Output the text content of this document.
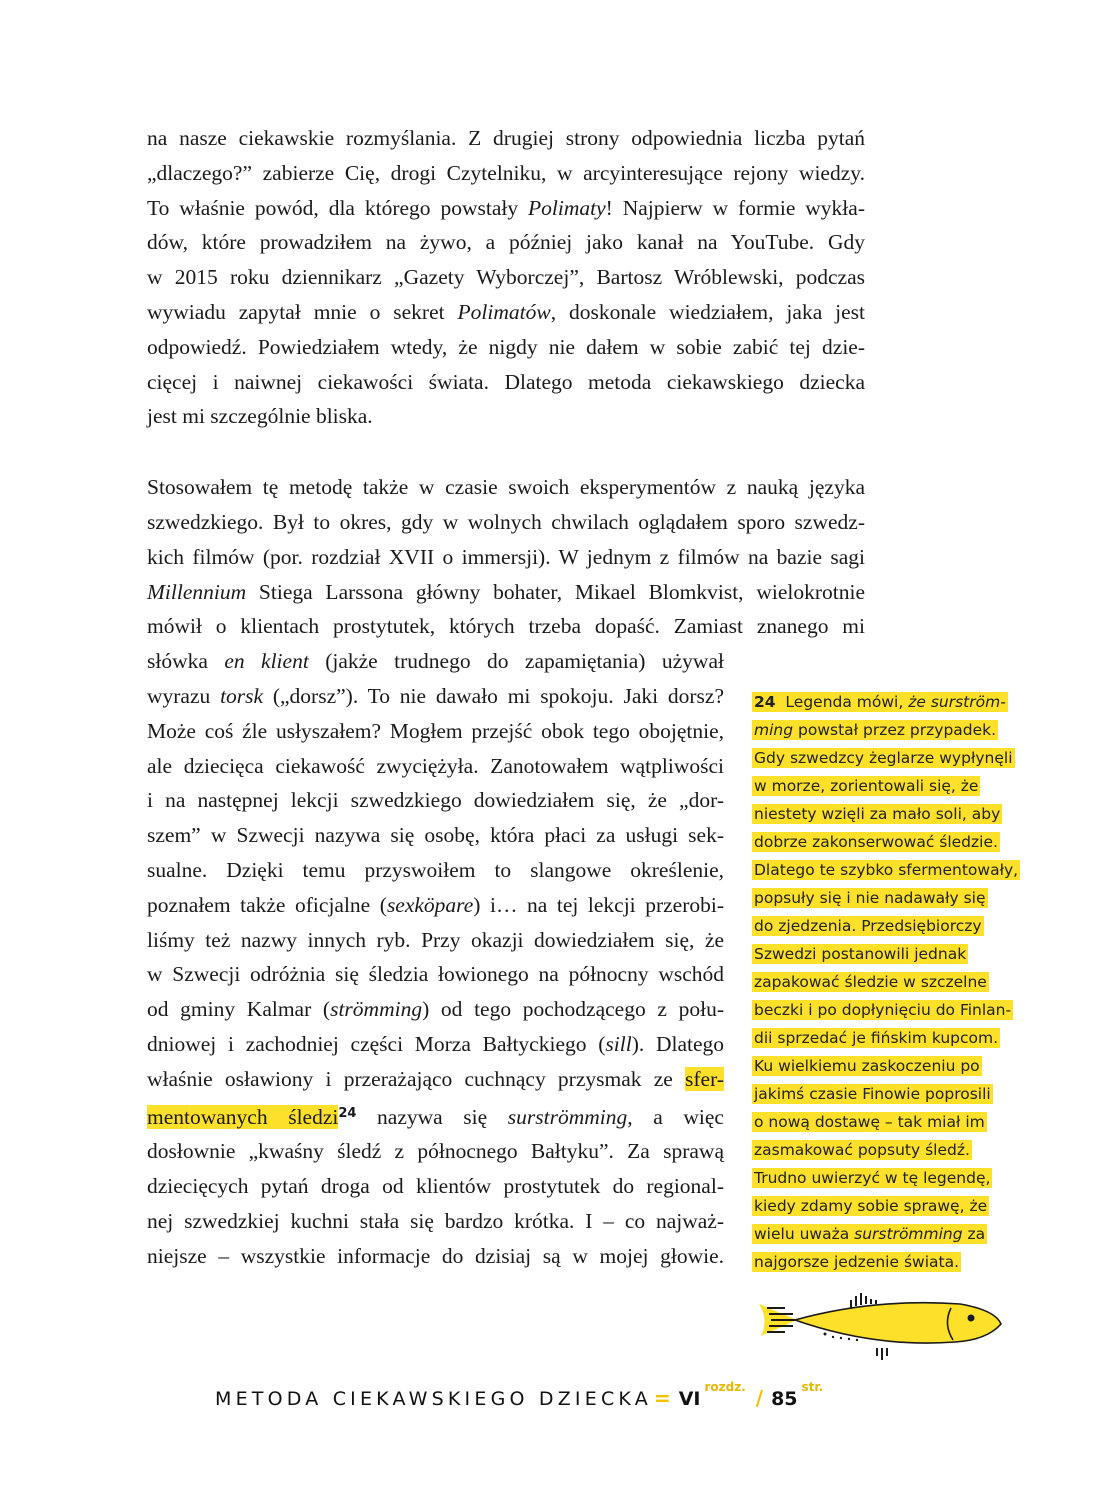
na nasze ciekawskie rozmyślania. Z drugiej strony odpowiednia liczba pytań
„dlaczego?” zabierze Cię, drogi Czytelniku, w arcyinteresujące rejony wiedzy.
To właśnie powód, dla którego powstały Polimaty! Najpierw w formie wykła-
dów, które prowadziłem na żywo, a później jako kanał na YouTube. Gdy
w 2015 roku dziennikarz „Gazety Wyborczej”, Bartosz Wróblewski, podczas
wywiadu zapytał mnie o sekret Polimatów, doskonale wiedziałem, jaka jest
odpowiedź. Powiedziałem wtedy, że nigdy nie dałem w sobie zabić tej dzie-
cięcej i naiwnej ciekawości świata. Dlatego metoda ciekawskiego dziecka
jest mi szczególnie bliska.
Stosowałem tę metodę także w czasie swoich eksperymentów z nauką języka
szwedzkiego. Był to okres, gdy w wolnych chwilach oglądałem sporo szwedz-
kich filmów (por. rozdział XVII o immersji). W jednym z filmów na bazie sagi
Millennium Stiega Larssona główny bohater, Mikael Blomkvist, wielokrotnie
mówił o klientach prostytutek, których trzeba dopaść. Zamiast znanego mi
słówka en klient (jakże trudnego do zapamiętania) używał
wyrazu torsk („dorsz”). To nie dawało mi spokoju. Jaki dorsz?
Może coś źle usłyszałem? Mogłem przejść obok tego obojętnie,
ale dziecięca ciekawość zwyciężyła. Zanotowałem wątpliwości
i na następnej lekcji szwedzkiego dowiedziałem się, że „dor-
szem” w Szwecji nazywa się osobę, która płaci za usługi sek-
sualne. Dzięki temu przyswoiłem to slangowe określenie,
poznałem także oficjalne (sexköpare) i… na tej lekcji przerobi-
liśmy też nazwy innych ryb. Przy okazji dowiedziałem się, że
w Szwecji odróżnia się śledzia łowionego na północny wschód
od gminy Kalmar (strömming) od tego pochodzącego z połu-
dniowej i zachodniej części Morza Bałtyckiego (sill). Dlatego
właśnie osławiony i przerażająco cuchnący przysmak ze sfer-
mentowanych śledzi$^{24}$ nazywa się surströmming, a więc
dosłownie „kwaśny śledź z północnego Bałtyku”. Za sprawą
dziecięcych pytań droga od klientów prostytutek do regional-
nej szwedzkiej kuchni stała się bardzo krótka. I – co najważ-
niejsze – wszystkie informacje do dzisiaj są w mojej głowie.
24  Legenda mówi, że surström-
ming powstał przez przypadek.
Gdy szwedzcy żeglarze wypłynęli
w morze, zorientowali się, że
niestety wzięli za mało soli, aby
dobrze zakonserwować śledzie.
Dlatego te szybko sfermentowały,
popsuły się i nie nadawały się
do zjedzenia. Przedsiębiorczy
Szwedzi postanowili jednak
zapakować śledzie w szczelne
beczki i po dopłynięciu do Finlan-
dii sprzedać je fińskim kupcom.
Ku wielkiemu zaskoczeniu po
jakimś czasie Finowie poprosili
o nową dostawę – tak miał im
zasmakować popsuty śledź.
Trudno uwierzyć w tę legendę,
kiedy zdamy sobie sprawę, że
wielu uważa surströmming za
najgorsze jedzenie świata.
METODA CIEKAWSKIEGO DZIECKA = $VI^{rozdz.} / 85^{str.}$
